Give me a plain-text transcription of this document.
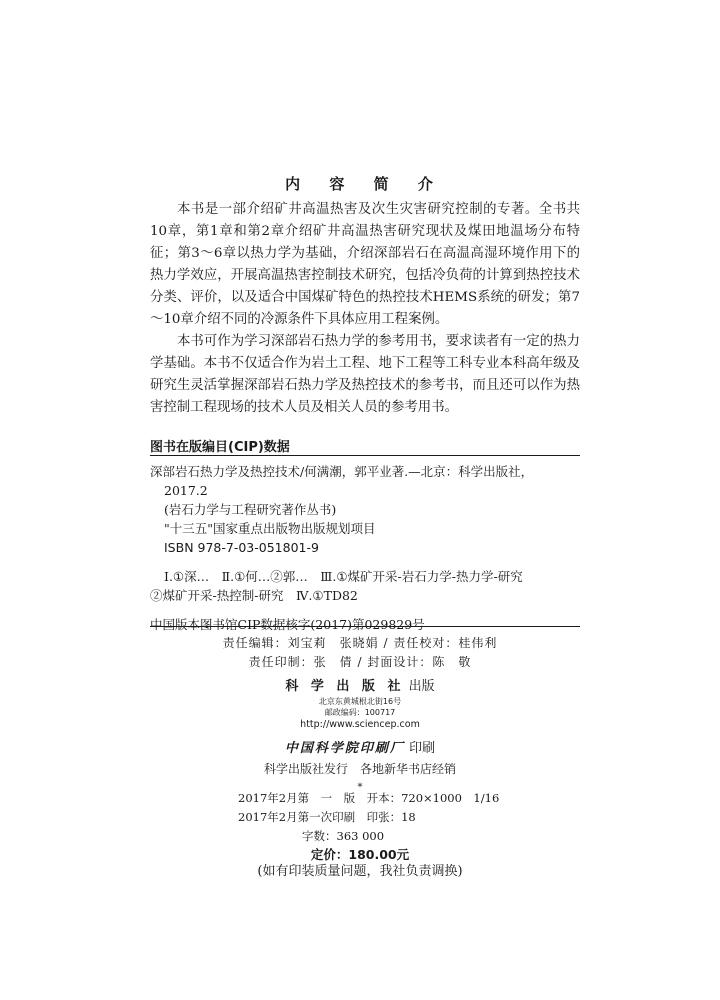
内 容 简 介

本书是一部介绍矿井高温热害及次生灾害研究控制的专著。全书共10章，第1章和第2章介绍矿井高温热害研究现状及煤田地温场分布特征；第3～6章以热力学为基础，介绍深部岩石在高温高湿环境作用下的热力学效应，开展高温热害控制技术研究，包括冷负荷的计算到热控技术分类、评价，以及适合中国煤矿特色的热控技术HEMS系统的研发；第7～10章介绍不同的冷源条件下具体应用工程案例。

本书可作为学习深部岩石热力学的参考用书，要求读者有一定的热力学基础。本书不仅适合作为岩土工程、地下工程等工科专业本科高年级及研究生灵活掌握深部岩石热力学及热控技术的参考书，而且还可以作为热害控制工程现场的技术人员及相关人员的参考用书。

图书在版编目(CIP)数据

深部岩石热力学及热控技术/何满潮，郭平业著.—北京：科学出版社，

2017.2

(岩石力学与工程研究著作丛书)

"十三五"国家重点出版物出版规划项目

ISBN 978-7-03-051801-9

Ⅰ.①深…　Ⅱ.①何…②郭…　Ⅲ.①煤矿开采-岩石力学-热力学-研究

②煤矿开采-热控制-研究　Ⅳ.①TD82

中国版本图书馆CIP数据核字(2017)第029829号

责任编辑：刘宝莉　张晓娟 / 责任校对：桂伟利

责任印制：张　倩 / 封面设计：陈　敬

科 学 出 版 社 出版
北京东黄城根北街16号
邮政编码：100717
http://www.sciencep.com
中国科学院印刷厂 印刷
科学出版社发行　各地新华书店经销
*

2017年2月第　一　版　开本：720×1000　1/16

2017年2月第一次印刷　印张：18

字数：363 000

定价：180.00元
(如有印装质量问题，我社负责调换)
